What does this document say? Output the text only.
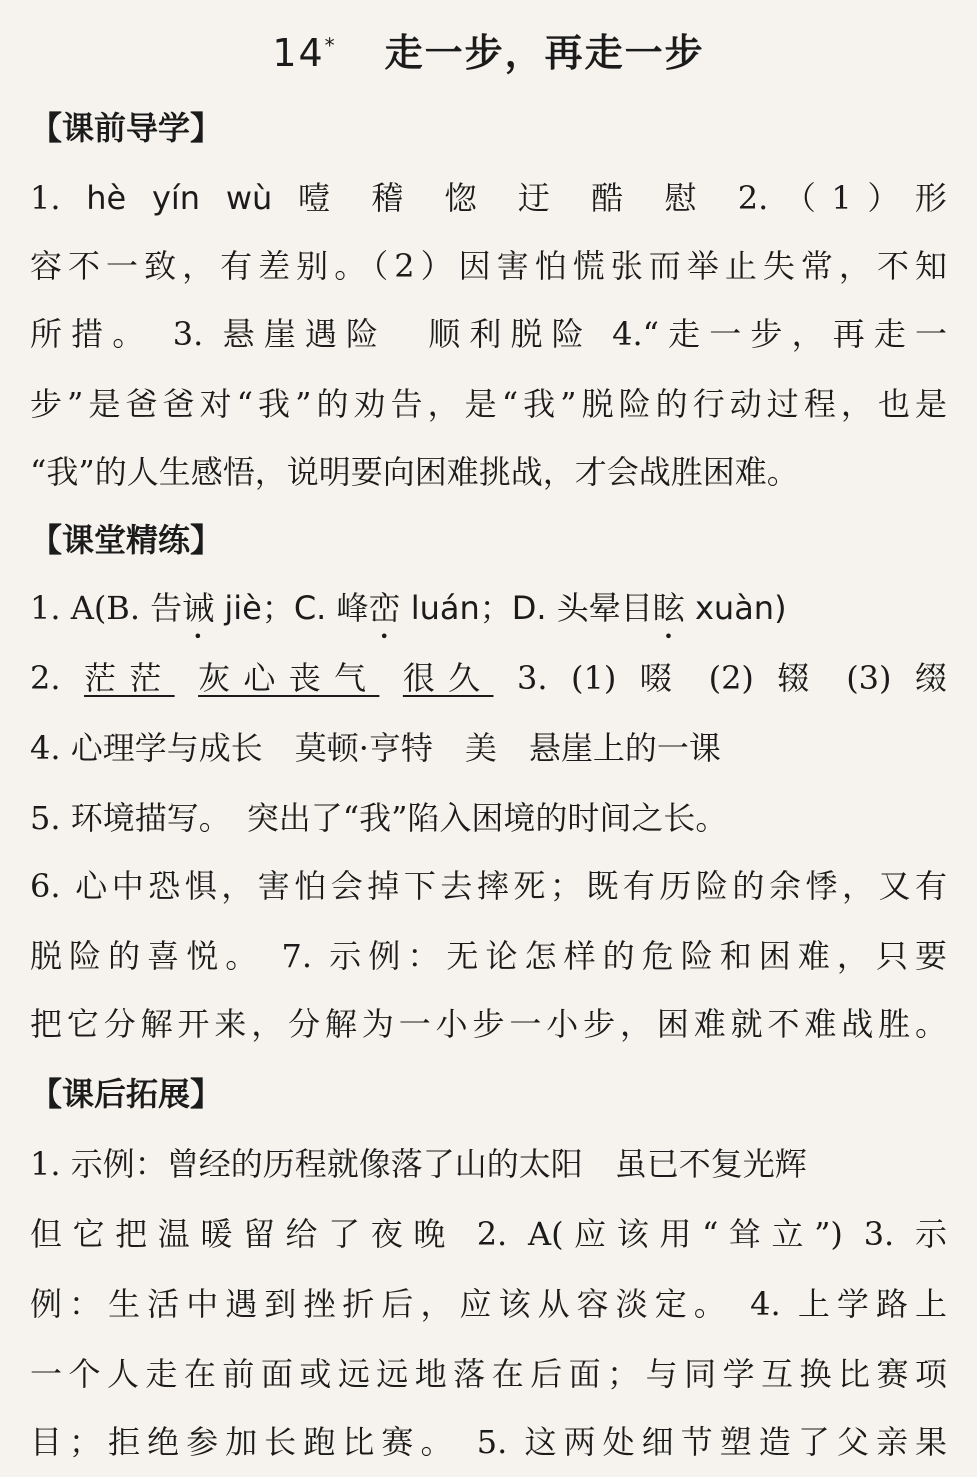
14* 走一步，再走一步
【课前导学】
1. hè yín wù 噎 稽 惚 迂 酷 慰 2.（1）形
容不一致，有差别。（2）因害怕慌张而举止失常，不知
所措。 3. 悬崖遇险　顺利脱险 4.“走一步，再走一
步”是爸爸对“我”的劝告，是“我”脱险的行动过程，也是
“我”的人生感悟，说明要向困难挑战，才会战胜困难。
【课堂精练】
1. A(B. 告诫 jiè；C. 峰峦 luán；D. 头晕目眩 xuàn)
2. 茫茫 灰心丧气 很久 3. (1) 啜 (2) 辍 (3) 缀
4. 心理学与成长　莫顿·亨特　美　悬崖上的一课
5. 环境描写。　突出了“我”陷入困境的时间之长。
6. 心中恐惧，害怕会掉下去摔死；既有历险的余悸，又有
脱险的喜悦。 7. 示例：无论怎样的危险和困难，只要
把它分解开来，分解为一小步一小步，困难就不难战胜。
【课后拓展】
1. 示例：曾经的历程就像落了山的太阳　虽已不复光辉
但它把温暖留给了夜晚 2. A(应该用“耸立”) 3. 示
例：生活中遇到挫折后，应该从容淡定。 4. 上学路上
一个人走在前面或远远地落在后面；与同学互换比赛项
目；拒绝参加长跑比赛。 5. 这两处细节塑造了父亲果
